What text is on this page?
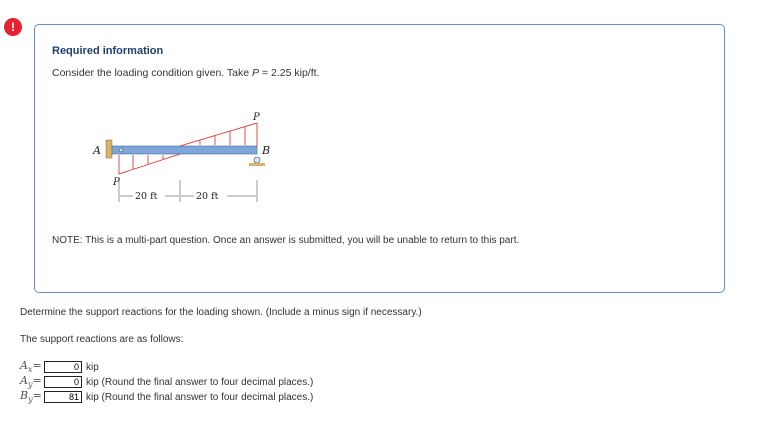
!
Required information
Consider the loading condition given. Take P = 2.25 kip/ft.
A	B
P
P
20 ft	20 ft
NOTE: This is a multi-part question. Once an answer is submitted, you will be unable to return to this part.
Determine the support reactions for the loading shown. (Include a minus sign if necessary.)
The support reactions are as follows:
$A_x=$
0	kip
$A_y=$
0	kip (Round the final answer to four decimal places.)
$B_y=$
81	kip (Round the final answer to four decimal places.)
